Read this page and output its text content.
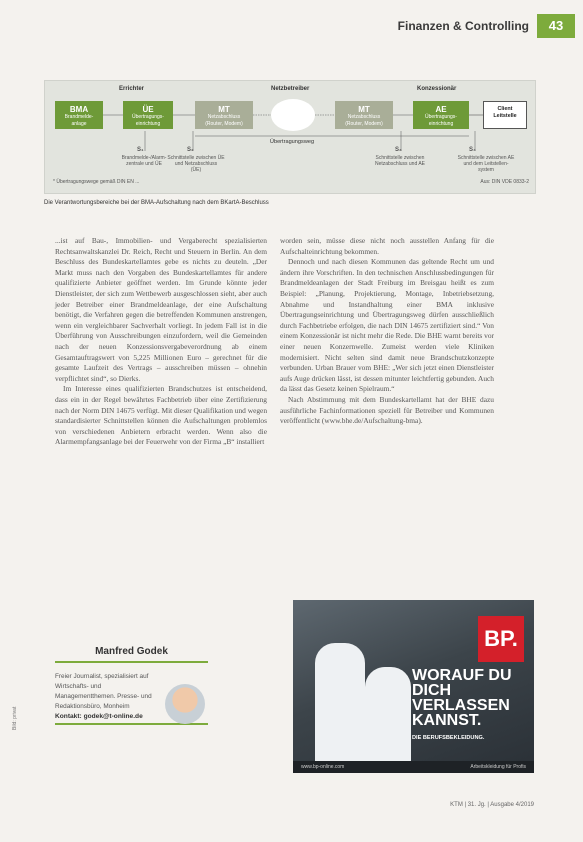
Finanzen & Controlling	43
Errichter	Netzbetreiber	Konzessionär
BMA
Brandmelde-
anlage
ÜE
Übertragungs-
einrichtung
MT
Netzabschluss
(Router, Modem)
MT
Netzabschluss
(Router, Modem)
AE
Übertragungs-
einrichtung
Client
Leitstelle
Übertragungsweg
S₁
Brandmelde-/Alarm-
zentrale und ÜE
S₂
Schnittstelle zwischen ÜE
und Netzabschluss
(ÜE)
S₃
Schnittstelle zwischen
Netzabschluss und AE
S₄
Schnittstelle zwischen AE
und dem Leitstellen-
system
* Übertragungswege gemäß DIN EN ...	Aus: DIN VDE 0833-2
Die Verantwortungsbereiche bei der BMA-Aufschaltung nach dem BKartA-Beschluss

...ist auf Bau-, Immobilien- und Vergaberecht spezialisierten Rechtsanwaltskanzlei Dr. Reich, Recht und Steuern in Berlin. An dem Beschluss des Bundeskartellamtes gebe es nichts zu deuteln. „Der Markt muss nach den Vorgaben des Bundeskartellamtes für andere qualifizierte Anbieter geöffnet werden. Im Grunde könnte jeder Dienstleister, der sich zum Wettbewerb ausgeschlossen sieht, aber auch jeder Betreiber einer Brandmeldeanlage, der eine Aufschaltung benötigt, die Verfahren gegen die betreffenden Kommunen anstrengen, wenn ein vergleichbarer Sachverhalt vorliegt. In jedem Fall ist in die Überführung von Ausschreibungen einzufordern, weil die Gemeinden nach der neuen Konzessionsvergabeverordnung ab einem Gesamtauftragswert von 5,225 Millionen Euro – gerechnet für die gesamte Laufzeit des Vertrags – ausschreiben müssen – ohnehin verpflichtet sind“, so Dierks.

Im Interesse eines qualifizierten Brandschutzes ist entscheidend, dass ein in der Regel bewährtes Fachbetrieb über eine Zertifizierung nach der Norm DIN 14675 verfügt. Mit dieser Qualifikation und wegen standardisierter Schnittstellen können die Aufschaltungen problemlos von verschiedenen Anbietern erbracht werden. Wenn also die Alarmempfangsanlage bei der Feuerwehr von der Firma „B“ installiert

worden sein, müsse diese nicht noch ausstellen Anfang für die Aufschalteinrichtung bekommen.

Dennoch und nach diesen Kommunen das geltende Recht um und ändern ihre Vorschriften. In den technischen Anschlussbedingungen für Brandmeldeanlagen der Stadt Freiburg im Breisgau heißt es zum Beispiel: „Planung, Projektierung, Montage, Inbetriebsetzung, Abnahme und Instandhaltung einer BMA inklusive Übertragungseinrichtung und Übertragungsweg dürfen ausschließlich durch Fachbetriebe erfolgen, die nach DIN 14675 zertifiziert sind.“ Von einem Konzessionär ist nicht mehr die Rede. Die BHE warnt bereits vor einer neuen Konzernwelle. Zumeist werden viele Kliniken modernisiert. Nicht selten sind damit neue Brandschutzkonzepte verbunden. Urban Brauer vom BHE: „Wer sich jetzt einen Dienstleister aufs Auge drücken lässt, ist dessen mitunter leichtfertig gebunden. Auch da lässt das Gesetz keinen Spielraum.“

Nach Abstimmung mit dem Bundeskartellamt hat der BHE dazu ausführliche Fachinformationen speziell für Betreiber und Kommunen veröffentlicht (www.bhe.de/Aufschaltung-bma).

Manfred Godek
Freier Journalist, spezialisiert auf Wirtschafts- und Managementthemen. Presse- und Redaktionsbüro, Monheim
Kontakt: godek@t-online.de
Bild: privat
BP.
WORAUF DU DICH VERLASSEN KANNST.
DIE BERUFSBEKLEIDUNG.
www.bp-online.com	Arbeitskleidung für Profis
KTM | 31. Jg. | Ausgabe 4/2019
